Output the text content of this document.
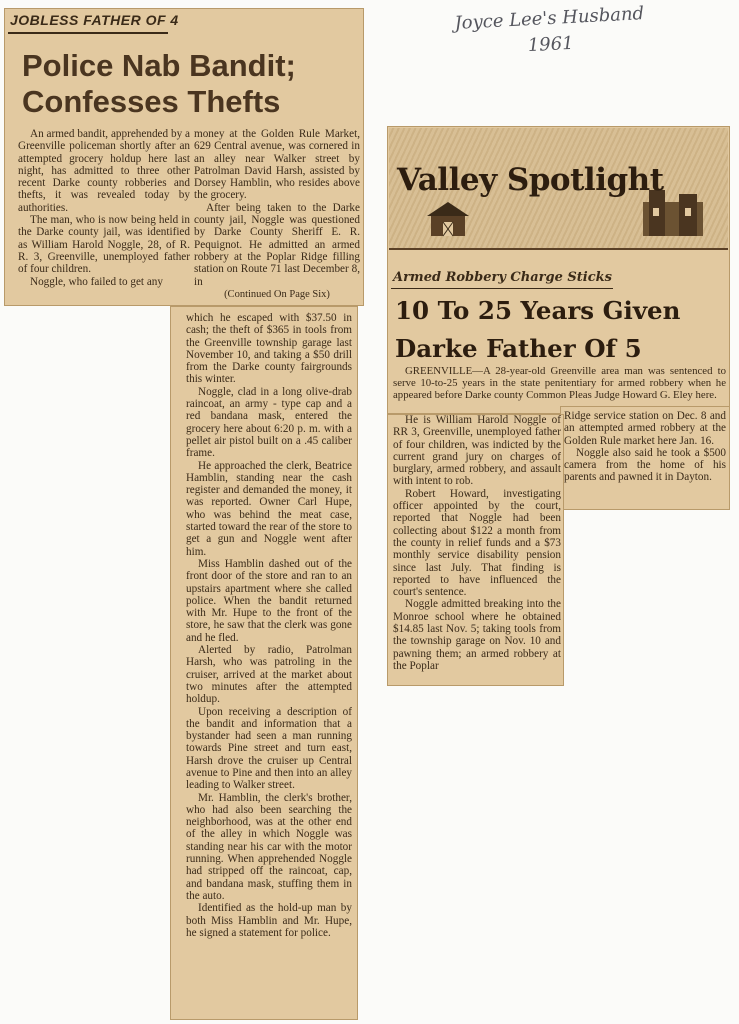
Joyce Lee's Husband
1961
JOBLESS FATHER OF 4
Police Nab Bandit;
Confesses Thefts

An armed bandit, apprehended by a Greenville policeman shortly after an attempted grocery holdup here last night, has admitted to three other recent Darke county robberies and thefts, it was revealed today by authorities.

The man, who is now being held in the Darke county jail, was identified as William Harold Noggle, 28, of R. R. 3, Greenville, unemployed father of four children.

Noggle, who failed to get any

money at the Golden Rule Market, 629 Central avenue, was cornered in an alley near Walker street by Patrolman David Harsh, assisted by Dorsey Hamblin, who resides above the grocery.

After being taken to the Darke county jail, Noggle was questioned by Darke County Sheriff E. R. Pequignot. He admitted an armed robbery at the Poplar Ridge filling station on Route 71 last December 8, in

(Continued On Page Six)

which he escaped with $37.50 in cash; the theft of $365 in tools from the Greenville township garage last November 10, and taking a $50 drill from the Darke county fairgrounds this winter.

Noggle, clad in a long olive-drab raincoat, an army - type cap and a red bandana mask, entered the grocery here about 6:20 p. m. with a pellet air pistol built on a .45 caliber frame.

He approached the clerk, Beatrice Hamblin, standing near the cash register and demanded the money, it was reported. Owner Carl Hupe, who was behind the meat case, started toward the rear of the store to get a gun and Noggle went after him.

Miss Hamblin dashed out of the front door of the store and ran to an upstairs apartment where she called police. When the bandit returned with Mr. Hupe to the front of the store, he saw that the clerk was gone and he fled.

Alerted by radio, Patrolman Harsh, who was patroling in the cruiser, arrived at the market about two minutes after the attempted holdup.

Upon receiving a description of the bandit and information that a bystander had seen a man running towards Pine street and turn east, Harsh drove the cruiser up Central avenue to Pine and then into an alley leading to Walker street.

Mr. Hamblin, the clerk's brother, who had also been searching the neighborhood, was at the other end of the alley in which Noggle was standing near his car with the motor running. When apprehended Noggle had stripped off the raincoat, cap, and bandana mask, stuffing them in the auto.

Identified as the hold-up man by both Miss Hamblin and Mr. Hupe, he signed a statement for police.

Valley Spotlight
Armed Robbery Charge Sticks
10 To 25 Years Given
Darke Father Of 5

GREENVILLE—A 28-year-old Greenville area man was sentenced to serve 10-to-25 years in the state penitentiary for armed robbery when he appeared before Darke county Common Pleas Judge Howard G. Eley here.

Ridge service station on Dec. 8 and an attempted armed robbery at the Golden Rule market here Jan. 16.

Noggle also said he took a $500 camera from the home of his parents and pawned it in Dayton.

He is William Harold Noggle of RR 3, Greenville, unemployed father of four children, was indicted by the current grand jury on charges of burglary, armed robbery, and assault with intent to rob.

Robert Howard, investigating officer appointed by the court, reported that Noggle had been collecting about $122 a month from the county in relief funds and a $73 monthly service disability pension since last July. That finding is reported to have influenced the court's sentence.

Noggle admitted breaking into the Monroe school where he obtained $14.85 last Nov. 5; taking tools from the township garage on Nov. 10 and pawning them; an armed robbery at the Poplar
